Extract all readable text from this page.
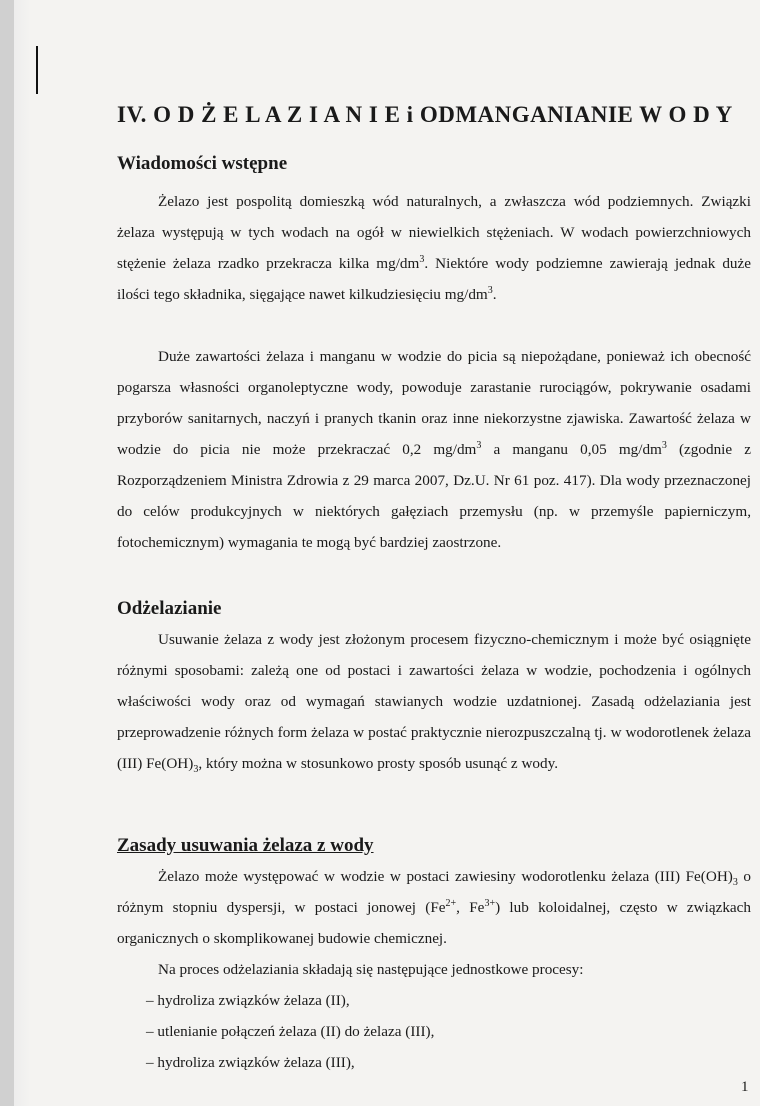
IV. O D Ż E L A Z I A N I E i ODMANGANIANIE W O D Y
Wiadomości wstępne

Żelazo jest pospolitą domieszką wód naturalnych, a zwłaszcza wód podziemnych. Związki żelaza występują w tych wodach na ogół w niewielkich stężeniach. W wodach powierzchniowych stężenie żelaza rzadko przekracza kilka $mg/dm^3$. Niektóre wody podziemne zawierają jednak duże ilości tego składnika, sięgające nawet kilkudziesięciu $mg/dm^3$.

Duże zawartości żelaza i manganu w wodzie do picia są niepożądane, ponieważ ich obecność pogarsza własności organoleptyczne wody, powoduje zarastanie rurociągów, pokrywanie osadami przyborów sanitarnych, naczyń i pranych tkanin oraz inne niekorzystne zjawiska. Zawartość żelaza w wodzie do picia nie może przekraczać 0,2 $mg/dm^3$ a manganu 0,05 $mg/dm^3$ (zgodnie z Rozporządzeniem Ministra Zdrowia z 29 marca 2007, Dz.U. Nr 61 poz. 417). Dla wody przeznaczonej do celów produkcyjnych w niektórych gałęziach przemysłu (np. w przemyśle papierniczym, fotochemicznym) wymagania te mogą być bardziej zaostrzone.

Odżelazianie

Usuwanie żelaza z wody jest złożonym procesem fizyczno-chemicznym i może być osiągnięte różnymi sposobami: zależą one od postaci i zawartości żelaza w wodzie, pochodzenia i ogólnych właściwości wody oraz od wymagań stawianych wodzie uzdatnionej. Zasadą odżelaziania jest przeprowadzenie różnych form żelaza w postać praktycznie nierozpuszczalną tj. w wodorotlenek żelaza (III) $Fe(OH)_3$, który można w stosunkowo prosty sposób usunąć z wody.

Zasady usuwania żelaza z wody

Żelazo może występować w wodzie w postaci zawiesiny wodorotlenku żelaza (III) $Fe(OH)_3$ o różnym stopniu dyspersji, w postaci jonowej ($Fe^{2+}$, $Fe^{3+}$) lub koloidalnej, często w związkach organicznych o skomplikowanej budowie chemicznej.

Na proces odżelaziania składają się następujące jednostkowe procesy:

– hydroliza związków żelaza (II),
– utlenianie połączeń żelaza (II) do żelaza (III),
– hydroliza związków żelaza (III),
1
